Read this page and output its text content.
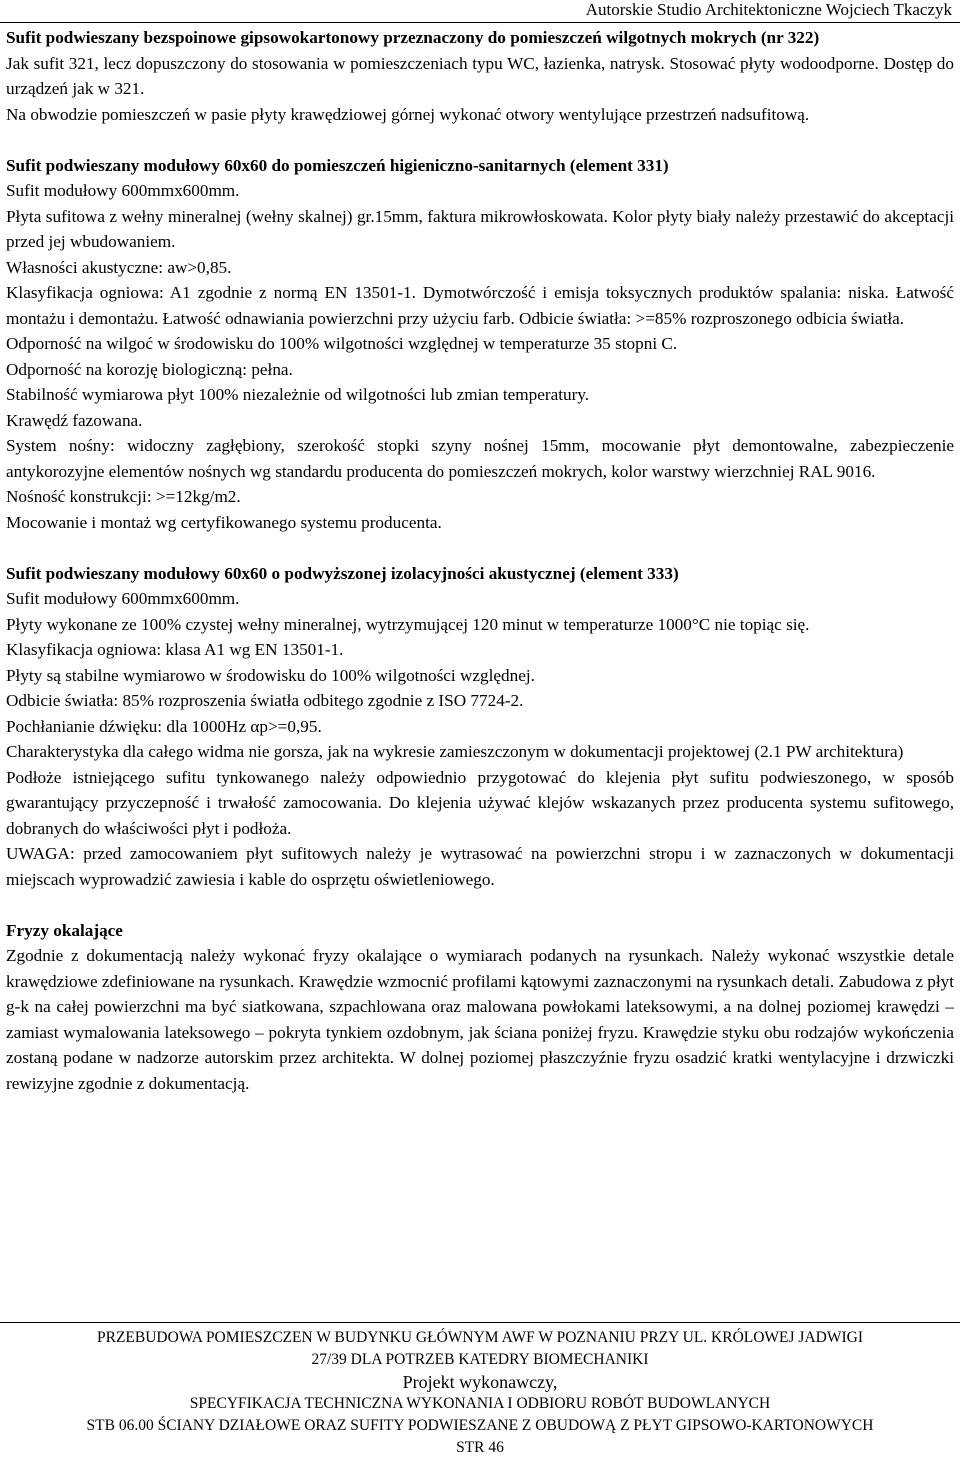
Autorskie Studio Architektoniczne Wojciech Tkaczyk

Sufit podwieszany bezspoinowe gipsowokartonowy przeznaczony do pomieszczeń wilgotnych mokrych (nr 322)

Jak sufit 321, lecz dopuszczony do stosowania w pomieszczeniach typu WC, łazienka, natrysk. Stosować płyty wodoodporne. Dostęp do urządzeń jak w 321.

Na obwodzie pomieszczeń w pasie płyty krawędziowej górnej wykonać otwory wentylujące przestrzeń nadsufitową.

Sufit podwieszany modułowy 60x60 do pomieszczeń higieniczno-sanitarnych (element 331)

Sufit modułowy 600mmx600mm.

Płyta sufitowa z wełny mineralnej (wełny skalnej) gr.15mm, faktura mikrowłoskowata. Kolor płyty biały należy przestawić do akceptacji przed jej wbudowaniem.

Własności akustyczne: aw>0,85.

Klasyfikacja ogniowa: A1 zgodnie z normą EN 13501-1. Dymotwórczość i emisja toksycznych produktów spalania: niska. Łatwość montażu i demontażu. Łatwość odnawiania powierzchni przy użyciu farb. Odbicie światła: >=85% rozproszonego odbicia światła.

Odporność na wilgoć w środowisku do 100% wilgotności względnej w temperaturze 35 stopni C.

Odporność na korozję biologiczną: pełna.

Stabilność wymiarowa płyt 100% niezależnie od wilgotności lub zmian temperatury.

Krawędź fazowana.

System nośny: widoczny zagłębiony, szerokość stopki szyny nośnej 15mm, mocowanie płyt demontowalne, zabezpieczenie antykorozyjne elementów nośnych wg standardu producenta do pomieszczeń mokrych, kolor warstwy wierzchniej RAL 9016.

Nośność konstrukcji: >=12kg/m2.

Mocowanie i montaż wg certyfikowanego systemu producenta.

Sufit podwieszany modułowy 60x60 o podwyższonej izolacyjności akustycznej (element 333)

Sufit modułowy 600mmx600mm.

Płyty wykonane ze 100% czystej wełny mineralnej, wytrzymującej 120 minut w temperaturze 1000°C nie topiąc się.

Klasyfikacja ogniowa: klasa A1 wg EN 13501-1.

Płyty są stabilne wymiarowo w środowisku do 100% wilgotności względnej.

Odbicie światła: 85% rozproszenia światła odbitego zgodnie z ISO 7724-2.

Pochłanianie dźwięku: dla 1000Hz αp>=0,95.

Charakterystyka dla całego widma nie gorsza, jak na wykresie zamieszczonym w dokumentacji projektowej (2.1 PW architektura)

Podłoże istniejącego sufitu tynkowanego należy odpowiednio przygotować do klejenia płyt sufitu podwieszonego, w sposób gwarantujący przyczepność i trwałość zamocowania. Do klejenia używać klejów wskazanych przez producenta systemu sufitowego, dobranych do właściwości płyt i podłoża.

UWAGA: przed zamocowaniem płyt sufitowych należy je wytrasować na powierzchni stropu i w zaznaczonych w dokumentacji miejscach wyprowadzić zawiesia i kable do osprzętu oświetleniowego.

Fryzy okalające

Zgodnie z dokumentacją należy wykonać fryzy okalające o wymiarach podanych na rysunkach. Należy wykonać wszystkie detale krawędziowe zdefiniowane na rysunkach. Krawędzie wzmocnić profilami kątowymi zaznaczonymi na rysunkach detali. Zabudowa z płyt g-k na całej powierzchni ma być siatkowana, szpachlowana oraz malowana powłokami lateksowymi, a na dolnej poziomej krawędzi – zamiast wymalowania lateksowego – pokryta tynkiem ozdobnym, jak ściana poniżej fryzu. Krawędzie styku obu rodzajów wykończenia zostaną podane w nadzorze autorskim przez architekta. W dolnej poziomej płaszczyźnie fryzu osadzić kratki wentylacyjne i drzwiczki rewizyjne zgodnie z dokumentacją.

PRZEBUDOWA POMIESZCZEN W BUDYNKU GŁÓWNYM AWF W POZNANIU PRZY UL. KRÓLOWEJ JADWIGI
27/39 DLA POTRZEB KATEDRY BIOMECHANIKI
Projekt wykonawczy,
SPECYFIKACJA TECHNICZNA WYKONANIA I ODBIORU ROBÓT BUDOWLANYCH
STB 06.00 ŚCIANY DZIAŁOWE ORAZ SUFITY PODWIESZANE Z OBUDOWĄ Z PŁYT GIPSOWO-KARTONOWYCH
STR 46
